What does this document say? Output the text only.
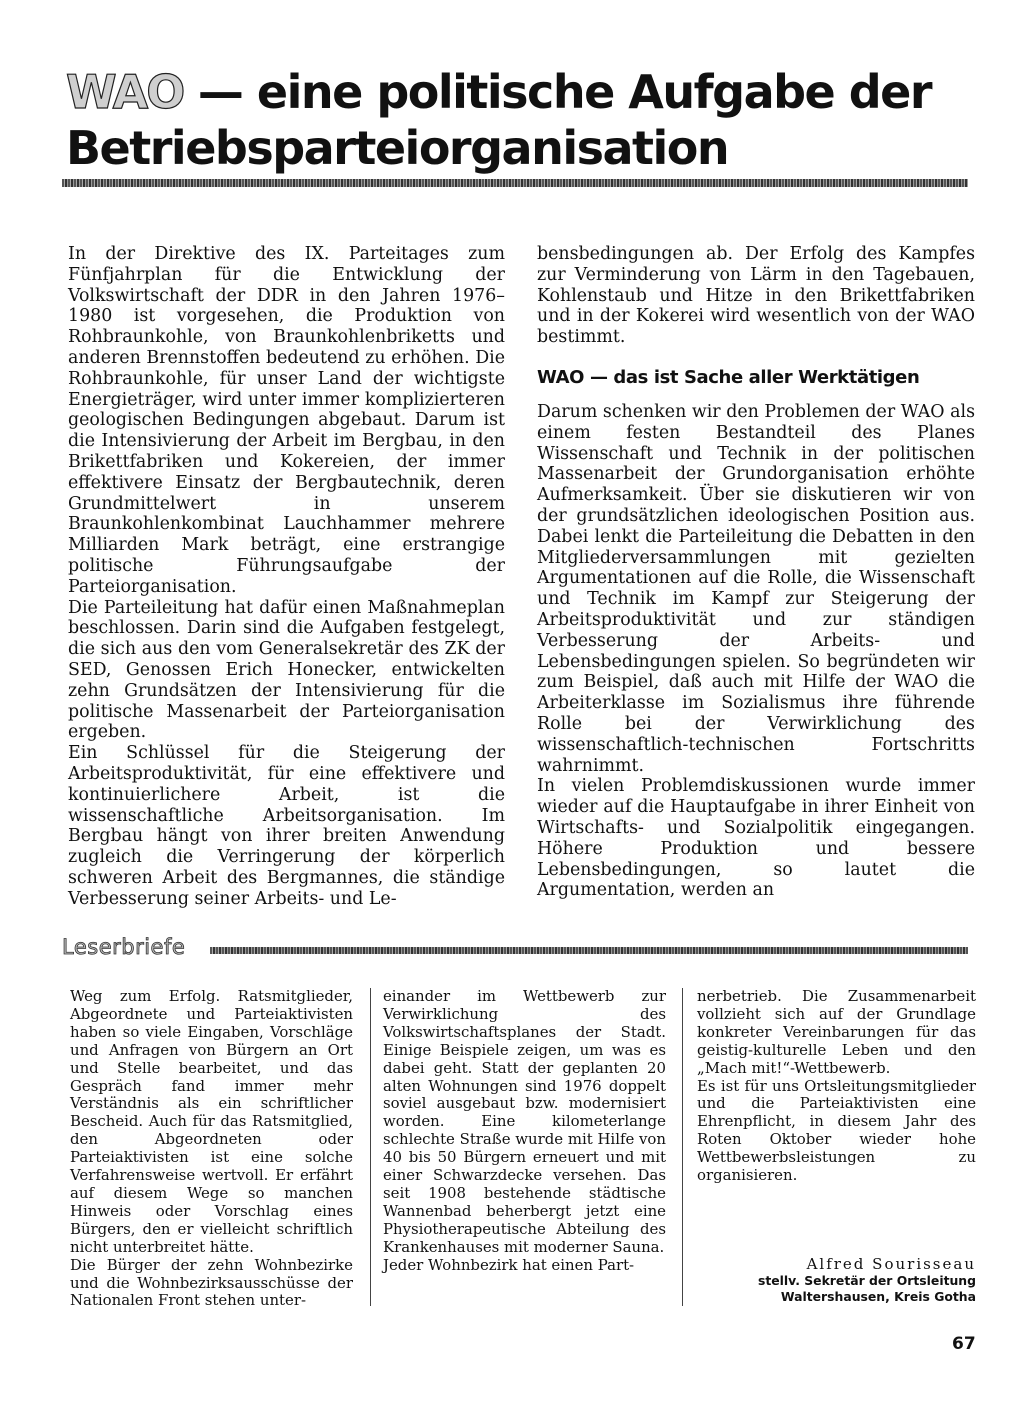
WAO — eine politische Aufgabe der Betriebsparteiorganisation

In der Direktive des IX. Parteitages zum Fünfjahrplan für die Entwicklung der Volkswirtschaft der DDR in den Jahren 1976–1980 ist vorgesehen, die Produktion von Rohbraunkohle, von Braunkohlenbriketts und anderen Brennstoffen bedeutend zu erhöhen. Die Rohbraunkohle, für unser Land der wichtigste Energieträger, wird unter immer komplizierteren geologischen Bedingungen abgebaut. Darum ist die Intensivierung der Arbeit im Bergbau, in den Brikettfabriken und Kokereien, der immer effektivere Einsatz der Bergbautechnik, deren Grundmittelwert in unserem Braunkohlenkombinat Lauchhammer mehrere Milliarden Mark beträgt, eine erstrangige politische Führungsaufgabe der Parteiorganisation.

Die Parteileitung hat dafür einen Maßnahmeplan beschlossen. Darin sind die Aufgaben festgelegt, die sich aus den vom Generalsekretär des ZK der SED, Genossen Erich Honecker, entwickelten zehn Grundsätzen der Intensivierung für die politische Massenarbeit der Parteiorganisation ergeben.

Ein Schlüssel für die Steigerung der Arbeitsproduktivität, für eine effektivere und kontinuierlichere Arbeit, ist die wissenschaftliche Arbeitsorganisation. Im Bergbau hängt von ihrer breiten Anwendung zugleich die Verringerung der körperlich schweren Arbeit des Bergmannes, die ständige Verbesserung seiner Arbeits- und Le-

bensbedingungen ab. Der Erfolg des Kampfes zur Verminderung von Lärm in den Tagebauen, Kohlenstaub und Hitze in den Brikettfabriken und in der Kokerei wird wesentlich von der WAO bestimmt.

WAO — das ist Sache aller Werktätigen

Darum schenken wir den Problemen der WAO als einem festen Bestandteil des Planes Wissenschaft und Technik in der politischen Massenarbeit der Grundorganisation erhöhte Aufmerksamkeit. Über sie diskutieren wir von der grundsätzlichen ideologischen Position aus. Dabei lenkt die Parteileitung die Debatten in den Mitgliederversammlungen mit gezielten Argumentationen auf die Rolle, die Wissenschaft und Technik im Kampf zur Steigerung der Arbeitsproduktivität und zur ständigen Verbesserung der Arbeits- und Lebensbedingungen spielen. So begründeten wir zum Beispiel, daß auch mit Hilfe der WAO die Arbeiterklasse im Sozialismus ihre führende Rolle bei der Verwirklichung des wissenschaftlich-technischen Fortschritts wahrnimmt.

In vielen Problemdiskussionen wurde immer wieder auf die Hauptaufgabe in ihrer Einheit von Wirtschafts- und Sozialpolitik eingegangen. Höhere Produktion und bessere Lebensbedingungen, so lautet die Argumentation, werden an

Leserbriefe

Weg zum Erfolg. Ratsmitglieder, Abgeordnete und Parteiaktivisten haben so viele Eingaben, Vorschläge und Anfragen von Bürgern an Ort und Stelle bearbeitet, und das Gespräch fand immer mehr Verständnis als ein schriftlicher Bescheid. Auch für das Ratsmitglied, den Abgeordneten oder Parteiaktivisten ist eine solche Verfahrensweise wertvoll. Er erfährt auf diesem Wege so manchen Hinweis oder Vorschlag eines Bürgers, den er vielleicht schriftlich nicht unterbreitet hätte.

Die Bürger der zehn Wohnbezirke und die Wohnbezirksausschüsse der Nationalen Front stehen unter-

einander im Wettbewerb zur Verwirklichung des Volkswirtschaftsplanes der Stadt. Einige Beispiele zeigen, um was es dabei geht. Statt der geplanten 20 alten Wohnungen sind 1976 doppelt soviel ausgebaut bzw. modernisiert worden. Eine kilometerlange schlechte Straße wurde mit Hilfe von 40 bis 50 Bürgern erneuert und mit einer Schwarzdecke versehen. Das seit 1908 bestehende städtische Wannenbad beherbergt jetzt eine Physiotherapeutische Abteilung des Krankenhauses mit moderner Sauna.

Jeder Wohnbezirk hat einen Part-

nerbetrieb. Die Zusammenarbeit vollzieht sich auf der Grundlage konkreter Vereinbarungen für das geistig-kulturelle Leben und den „Mach mit!“-Wettbewerb.

Es ist für uns Ortsleitungsmitglieder und die Parteiaktivisten eine Ehrenpflicht, in diesem Jahr des Roten Oktober wieder hohe Wettbewerbsleistungen zu organisieren.

Alfred Sourisseau
stellv. Sekretär der Ortsleitung
Waltershausen, Kreis Gotha
67
